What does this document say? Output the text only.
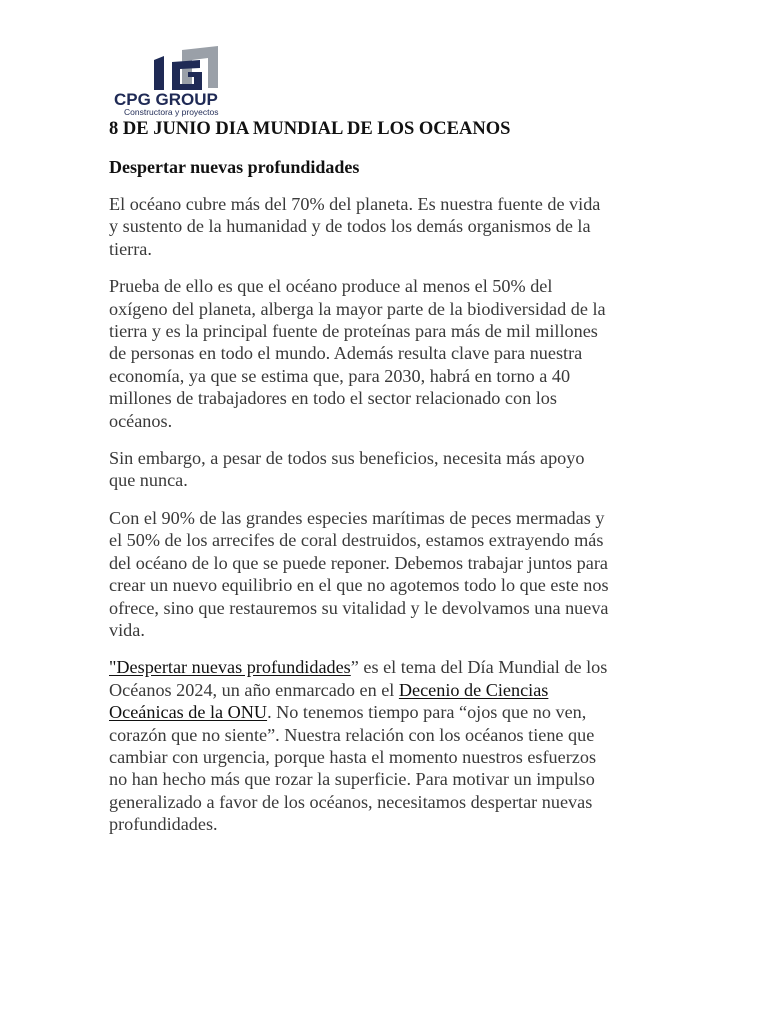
CPG GROUP
Constructora y proyectos
8 DE JUNIO DIA MUNDIAL DE LOS OCEANOS
Despertar nuevas profundidades

El océano cubre más del 70% del planeta. Es nuestra fuente de vida
y sustento de la humanidad y de todos los demás organismos de la
tierra.

Prueba de ello es que el océano produce al menos el 50% del
oxígeno del planeta, alberga la mayor parte de la biodiversidad de la
tierra y es la principal fuente de proteínas para más de mil millones
de personas en todo el mundo. Además resulta clave para nuestra
economía, ya que se estima que, para 2030, habrá en torno a 40
millones de trabajadores en todo el sector relacionado con los
océanos.

Sin embargo, a pesar de todos sus beneficios, necesita más apoyo
que nunca.

Con el 90% de las grandes especies marítimas de peces mermadas y
el 50% de los arrecifes de coral destruidos, estamos extrayendo más
del océano de lo que se puede reponer. Debemos trabajar juntos para
crear un nuevo equilibrio en el que no agotemos todo lo que este nos
ofrece, sino que restauremos su vitalidad y le devolvamos una nueva
vida.

"Despertar nuevas profundidades” es el tema del Día Mundial de los
Océanos 2024, un año enmarcado en el Decenio de Ciencias
Oceánicas de la ONU. No tenemos tiempo para “ojos que no ven,
corazón que no siente”. Nuestra relación con los océanos tiene que
cambiar con urgencia, porque hasta el momento nuestros esfuerzos
no han hecho más que rozar la superficie. Para motivar un impulso
generalizado a favor de los océanos, necesitamos despertar nuevas
profundidades.
